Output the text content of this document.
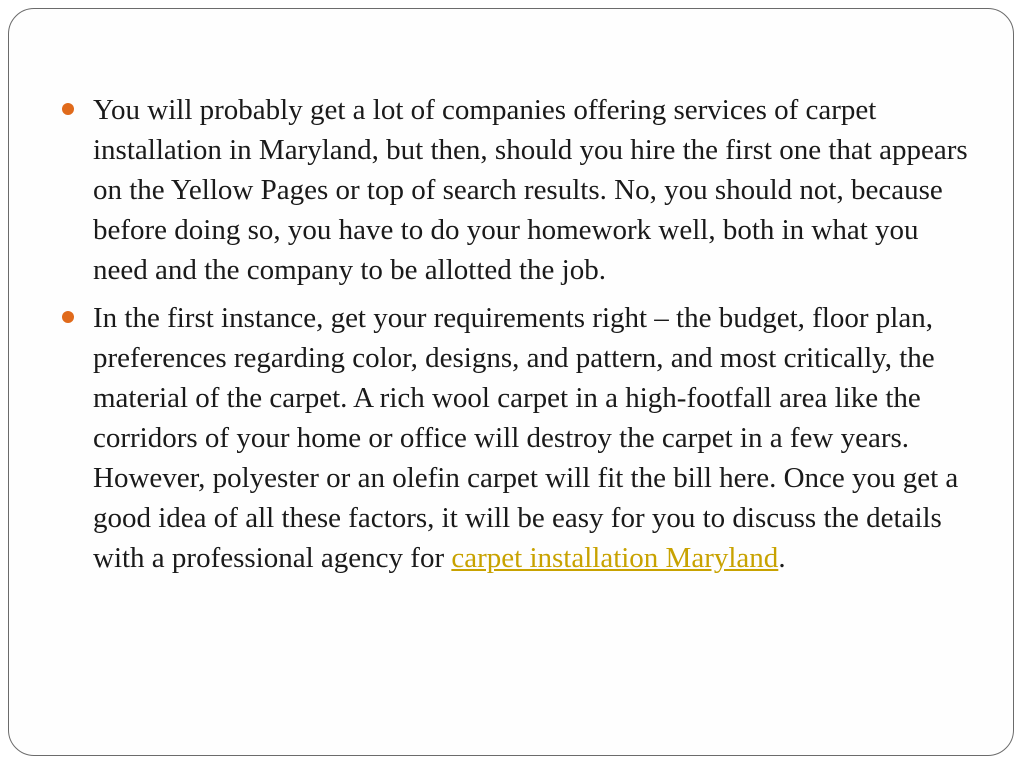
You will probably get a lot of companies offering services of carpet installation in Maryland, but then, should you hire the first one that appears on the Yellow Pages or top of search results. No, you should not, because before doing so, you have to do your homework well, both in what you need and the company to be allotted the job.
In the first instance, get your requirements right – the budget, floor plan, preferences regarding color, designs, and pattern, and most critically, the material of the carpet. A rich wool carpet in a high-footfall area like the corridors of your home or office will destroy the carpet in a few years. However, polyester or an olefin carpet will fit the bill here. Once you get a good idea of all these factors, it will be easy for you to discuss the details with a professional agency for carpet installation Maryland.
